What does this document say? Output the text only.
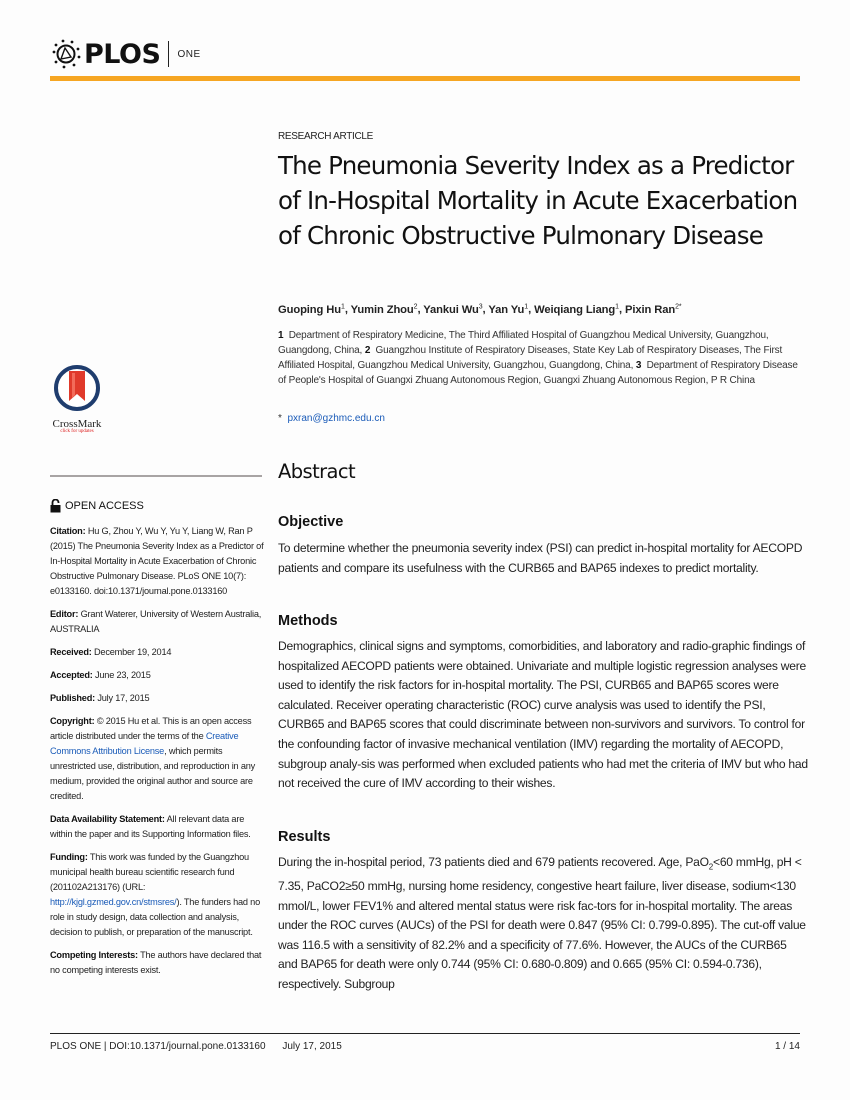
PLOS ONE
CrossMark
click for updates
OPEN ACCESS

Citation: Hu G, Zhou Y, Wu Y, Yu Y, Liang W, Ran P (2015) The Pneumonia Severity Index as a Predictor of In-Hospital Mortality in Acute Exacerbation of Chronic Obstructive Pulmonary Disease. PLoS ONE 10(7): e0133160. doi:10.1371/journal.pone.0133160

Editor: Grant Waterer, University of Western Australia, AUSTRALIA

Received: December 19, 2014

Accepted: June 23, 2015

Published: July 17, 2015

Copyright: © 2015 Hu et al. This is an open access article distributed under the terms of the Creative Commons Attribution License, which permits unrestricted use, distribution, and reproduction in any medium, provided the original author and source are credited.

Data Availability Statement: All relevant data are within the paper and its Supporting Information files.

Funding: This work was funded by the Guangzhou municipal health bureau scientific research fund (201102A213176) (URL: http://kjgl.gzmed.gov.cn/stmsres/). The funders had no role in study design, data collection and analysis, decision to publish, or preparation of the manuscript.

Competing Interests: The authors have declared that no competing interests exist.

RESEARCH ARTICLE
The Pneumonia Severity Index as a Predictor of In-Hospital Mortality in Acute Exacerbation of Chronic Obstructive Pulmonary Disease
Guoping Hu$^1$, Yumin Zhou$^2$, Yankui Wu$^3$, Yan Yu$^1$, Weiqiang Liang$^1$, Pixin Ran$^{2*}$
1 Department of Respiratory Medicine, The Third Affiliated Hospital of Guangzhou Medical University, Guangzhou, Guangdong, China, 2 Guangzhou Institute of Respiratory Diseases, State Key Lab of Respiratory Diseases, The First Affiliated Hospital, Guangzhou Medical University, Guangzhou, Guangdong, China, 3 Department of Respiratory Disease of People's Hospital of Guangxi Zhuang Autonomous Region, Guangxi Zhuang Autonomous Region, P R China
* pxran@gzhmc.edu.cn
Abstract
Objective
To determine whether the pneumonia severity index (PSI) can predict in-hospital mortality for AECOPD patients and compare its usefulness with the CURB65 and BAP65 indexes to predict mortality.
Methods
Demographics, clinical signs and symptoms, comorbidities, and laboratory and radio-graphic findings of hospitalized AECOPD patients were obtained. Univariate and multiple logistic regression analyses were used to identify the risk factors for in-hospital mortality. The PSI, CURB65 and BAP65 scores were calculated. Receiver operating characteristic (ROC) curve analysis was used to identify the PSI, CURB65 and BAP65 scores that could discriminate between non-survivors and survivors. To control for the confounding factor of invasive mechanical ventilation (IMV) regarding the mortality of AECOPD, subgroup analy-sis was performed when excluded patients who had met the criteria of IMV but who had not received the cure of IMV according to their wishes.
Results
During the in-hospital period, 73 patients died and 679 patients recovered. Age, PaO$_2$<60 mmHg, pH < 7.35, PaCO2≥50 mmHg, nursing home residency, congestive heart failure, liver disease, sodium<130 mmol/L, lower FEV1% and altered mental status were risk fac-tors for in-hospital mortality. The areas under the ROC curves (AUCs) of the PSI for death were 0.847 (95% CI: 0.799-0.895). The cut-off value was 116.5 with a sensitivity of 82.2% and a specificity of 77.6%. However, the AUCs of the CURB65 and BAP65 for death were only 0.744 (95% CI: 0.680-0.809) and 0.665 (95% CI: 0.594-0.736), respectively. Subgroup
PLOS ONE | DOI:10.1371/journal.pone.0133160 July 17, 2015	1 / 14
